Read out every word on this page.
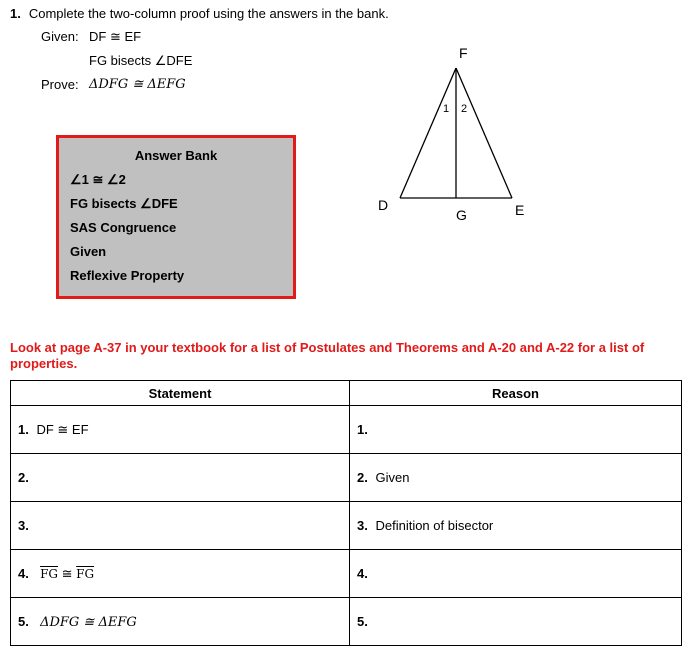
1. Complete the two-column proof using the answers in the bank.
Given: DF ≅ EF
FG bisects ∠DFE
Prove: ΔDFG ≅ ΔEFG
Answer Bank
∠1 ≅ ∠2
FG bisects ∠DFE
SAS Congruence
Given
Reflexive Property
F
D
G	E
1 2
Look at page A-37 in your textbook for a list of Postulates and Theorems and A-20 and A-22 for a list of properties.
Statement	Reason
1. DF ≅ EF	1.
2.	2. Given
3.	3. Definition of bisector
4. $\overline{FG}$ ≅ $\overline{FG}$	4.
5. ΔDFG ≅ ΔEFG	5.
